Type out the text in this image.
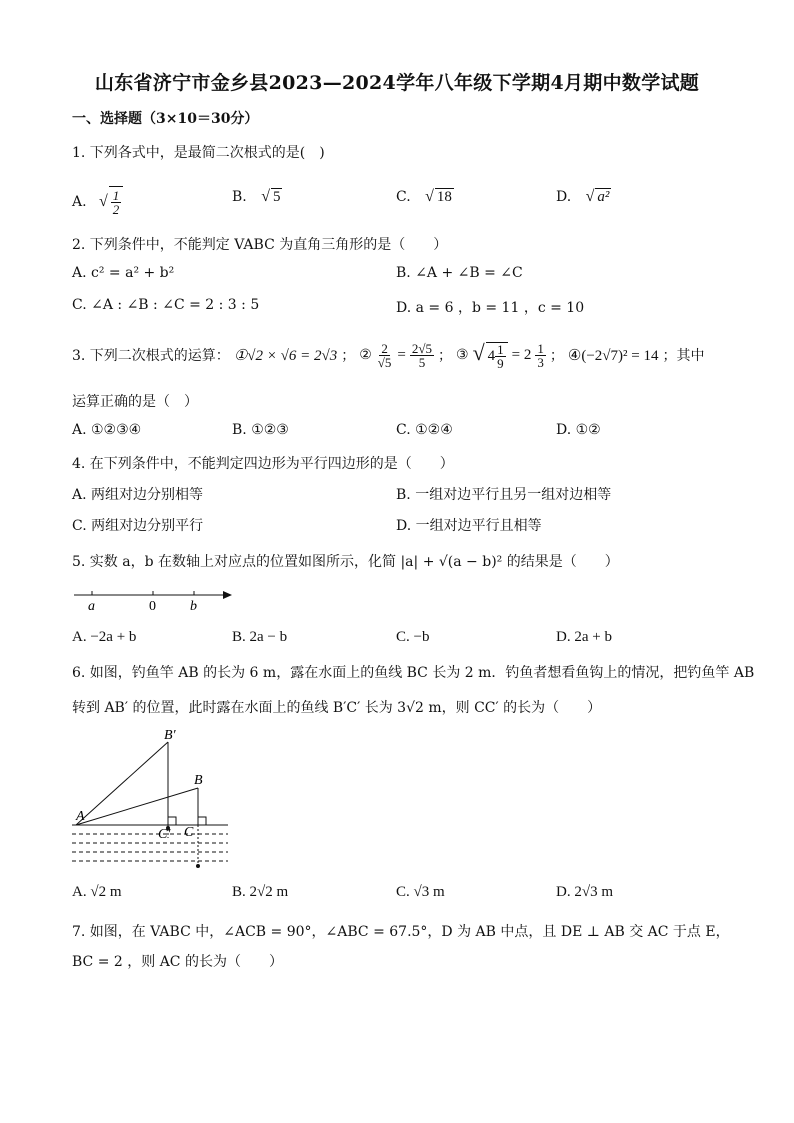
山东省济宁市金乡县2023—2024学年八年级下学期4月期中数学试题
一、选择题（3×10＝30分）
1. 下列各式中，是最简二次根式的是(　)
A. √ $\frac{1}{2}$	B. √ 5	C. √ 18	D. √ a²
2. 下列条件中，不能判定 VABC 为直角三角形的是（　　）
A. c² = a² + b²	B. ∠A + ∠B = ∠C
C. ∠A : ∠B : ∠C = 2 : 3 : 5	D. a = 6 ，b = 11 ，c = 10
3. 下列二次根式的运算： ①√2 × √6 = 2√3 ； ② $\frac{2}{√5} = \frac{2√5}{5}$ ； ③ √ $4 \frac{1}{9} = 2 \frac{1}{3}$ ； ④(−2√7)² = 14 ；其中
运算正确的是（　）
A. ①②③④	B. ①②③	C. ①②④	D. ①②
4. 在下列条件中，不能判定四边形为平行四边形的是（　　）
A. 两组对边分别相等	B. 一组对边平行且另一组对边相等
C. 两组对边分别平行	D. 一组对边平行且相等
5. 实数 a，b 在数轴上对应点的位置如图所示，化简 |a| + √(a − b)² 的结果是（　　）
a	0 b
A. −2a + b	B. 2a − b	C. −b	D. 2a + b
6. 如图，钓鱼竿 AB 的长为 6 m，露在水面上的鱼线 BC 长为 2 m．钓鱼者想看鱼钩上的情况，把钓鱼竿 AB
转到 AB′ 的位置，此时露在水面上的鱼线 B′C′ 长为 3√2 m，则 CC′ 的长为（　　）
A
B
B′
C
C′
A. √2 m	B. 2√2 m	C. √3 m	D. 2√3 m
7. 如图，在 VABC 中，∠ACB = 90°，∠ABC = 67.5°，D 为 AB 中点，且 DE ⊥ AB 交 AC 于点 E，
BC = 2 ，则 AC 的长为（　　）
